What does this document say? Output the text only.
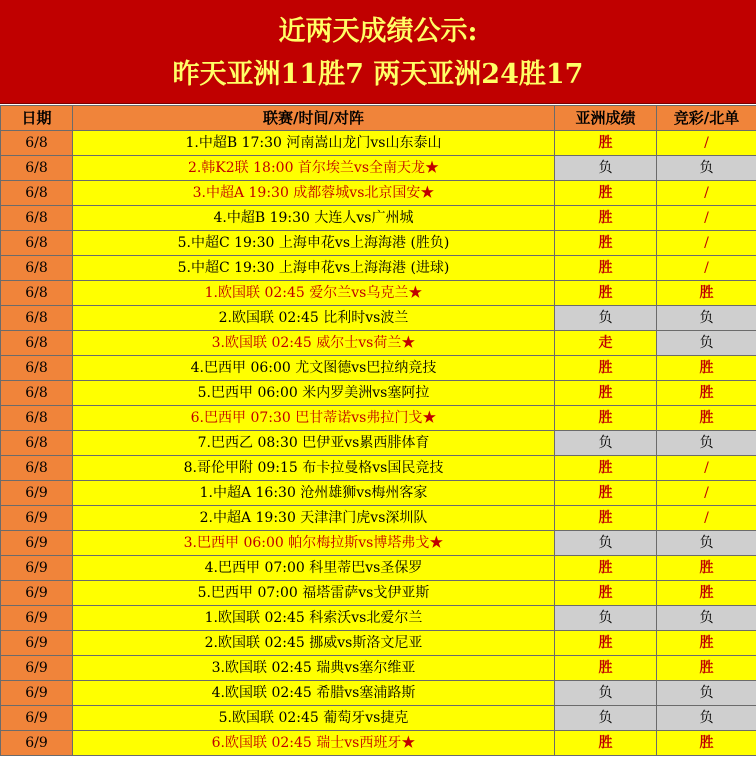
近两天成绩公示:
昨天亚洲11胜7 两天亚洲24胜17
日期	联赛/时间/对阵	亚洲成绩	竞彩/北单
6/8	1.中超B 17:30 河南嵩山龙门vs山东泰山	胜	/
6/8	2.韩K2联 18:00 首尔埃兰vs全南天龙★	负	负
6/8	3.中超A 19:30 成都蓉城vs北京国安★	胜	/
6/8	4.中超B 19:30 大连人vs广州城	胜	/
6/8	5.中超C 19:30 上海申花vs上海海港 (胜负)	胜	/
6/8	5.中超C 19:30 上海申花vs上海海港 (进球)	胜	/
6/8	1.欧国联 02:45 爱尔兰vs乌克兰★	胜	胜
6/8	2.欧国联 02:45 比利时vs波兰	负	负
6/8	3.欧国联 02:45 威尔士vs荷兰★	走	负
6/8	4.巴西甲 06:00 尤文图德vs巴拉纳竞技	胜	胜
6/8	5.巴西甲 06:00 米内罗美洲vs塞阿拉	胜	胜
6/8	6.巴西甲 07:30 巴甘蒂诺vs弗拉门戈★	胜	胜
6/8	7.巴西乙 08:30 巴伊亚vs累西腓体育	负	负
6/8	8.哥伦甲附 09:15 布卡拉曼格vs国民竞技	胜	/
6/9	1.中超A 16:30 沧州雄狮vs梅州客家	胜	/
6/9	2.中超A 19:30 天津津门虎vs深圳队	胜	/
6/9	3.巴西甲 06:00 帕尔梅拉斯vs博塔弗戈★	负	负
6/9	4.巴西甲 07:00 科里蒂巴vs圣保罗	胜	胜
6/9	5.巴西甲 07:00 福塔雷萨vs戈伊亚斯	胜	胜
6/9	1.欧国联 02:45 科索沃vs北爱尔兰	负	负
6/9	2.欧国联 02:45 挪威vs斯洛文尼亚	胜	胜
6/9	3.欧国联 02:45 瑞典vs塞尔维亚	胜	胜
6/9	4.欧国联 02:45 希腊vs塞浦路斯	负	负
6/9	5.欧国联 02:45 葡萄牙vs捷克	负	负
6/9	6.欧国联 02:45 瑞士vs西班牙★	胜	胜
